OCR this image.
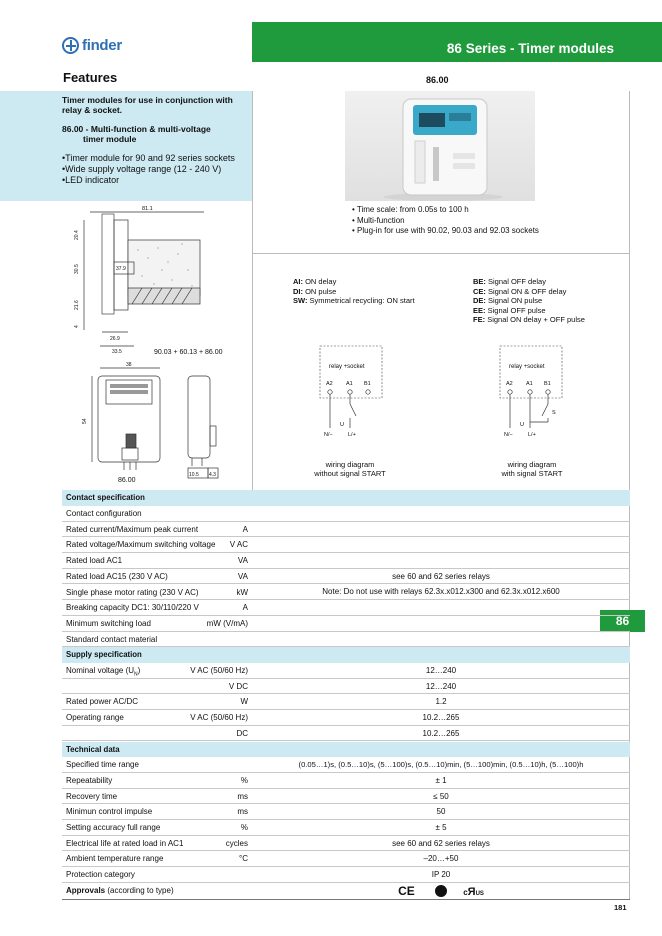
finder	86 Series - Timer modules
Features	86.00
Timer modules for use in conjunction with relay & socket.
86.00 - Multi-function & multi-voltage
timer module
• Timer module for 90 and 92 series sockets
• Wide supply voltage range (12 - 240 V)
• LED indicator
• Time scale: from 0.05s to 100 h
• Multi-function
• Plug-in for use with 90.02, 90.03 and 92.03 sockets
81.1
37.9
20.4
30.5
21.6
4
26.9
33.5	90.03 + 60.13 + 86.00
38
54
86.00
10.5 4.3
AI: ON delay
DI: ON pulse
SW: Symmetrical recycling: ON start
BE: Signal OFF delay
CE: Signal ON & OFF delay
DE: Signal ON pulse
EE: Signal OFF pulse
FE: Signal ON delay + OFF pulse
relay +socket
A2 A1 B1
U
N/−	L/+
wiring diagram
without signal START
relay +socket
A2 A1 B1
S
U
N/−	L/+
wiring diagram
with signal START
86
Contact specification
Contact configuration
Rated current/Maximum peak current	A
Rated voltage/Maximum switching voltage V AC
Rated load AC1	VA
Rated load AC15 (230 V AC)	VA
Single phase motor rating (230 V AC)	kW
Breaking capacity DC1: 30/110/220 V	A
Minimum switching load	mW (V/mA)
Standard contact material
see 60 and 62 series relays
Note: Do not use with relays 62.3x.x012.x300 and 62.3x.x012.x600
Supply specification
Nominal voltage $(U_N)$	V AC (50/60 Hz)	12…240
V DC	12…240
Rated power AC/DC	W	1.2
Operating range	V AC (50/60 Hz)	10.2…265
DC	10.2…265
Technical data
Specified time range	(0.05…1)s, (0.5…10)s, (5…100)s, (0.5…10)min, (5…100)min, (0.5…10)h, (5…100)h
Repeatability	%	± 1
Recovery time	ms	≤ 50
Minimun control impulse	ms	50
Setting accuracy full range	%	± 5
Electrical life at rated load in AC1	cycles	see 60 and 62 series relays
Ambient temperature range	°C	–20…+50
Protection category	IP 20
Approvals (according to type)	CE	cЯUS
181
